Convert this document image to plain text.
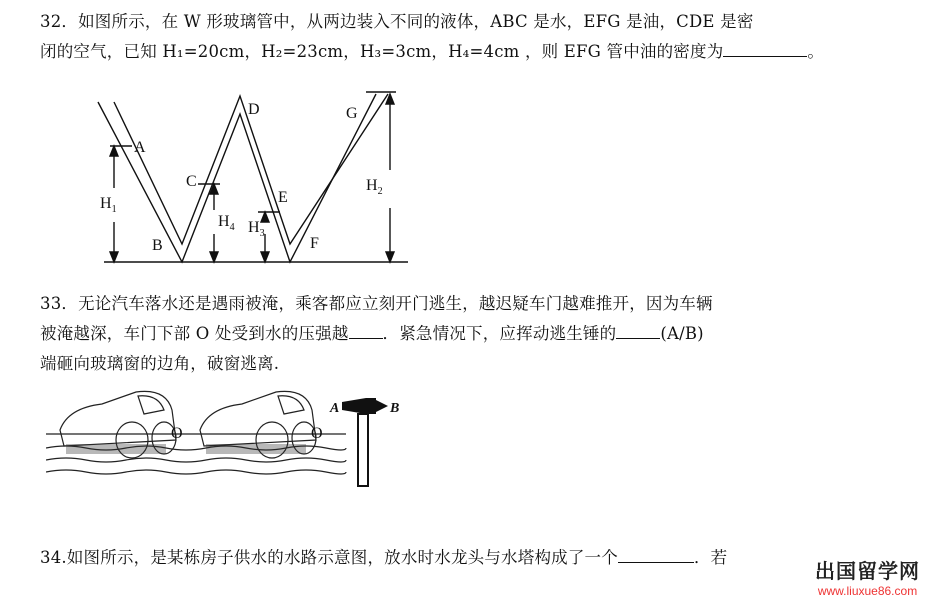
32．如图所示，在 W 形玻璃管中，从两边装入不同的液体，ABC 是水，EFG 是油，CDE 是密
闭的空气，已知 H₁=20cm，H₂=23cm，H₃=3cm，H₄=4cm ，则 EFG 管中油的密度为	。
A
B
C
D
E
F
G
$H_1$
$H_4$ $H_3$
$H_2$
33．无论汽车落水还是遇雨被淹，乘客都应立刻开门逃生，越迟疑车门越难推开，因为车辆
被淹越深，车门下部 O 处受到水的压强越 ．紧急情况下，应挥动逃生锤的	(A/B)
端砸向玻璃窗的边角，破窗逃离.
O	O
A	B
34.如图所示，是某栋房子供水的水路示意图，放水时水龙头与水塔构成了一个	．若
出国留学网
www.liuxue86.com
